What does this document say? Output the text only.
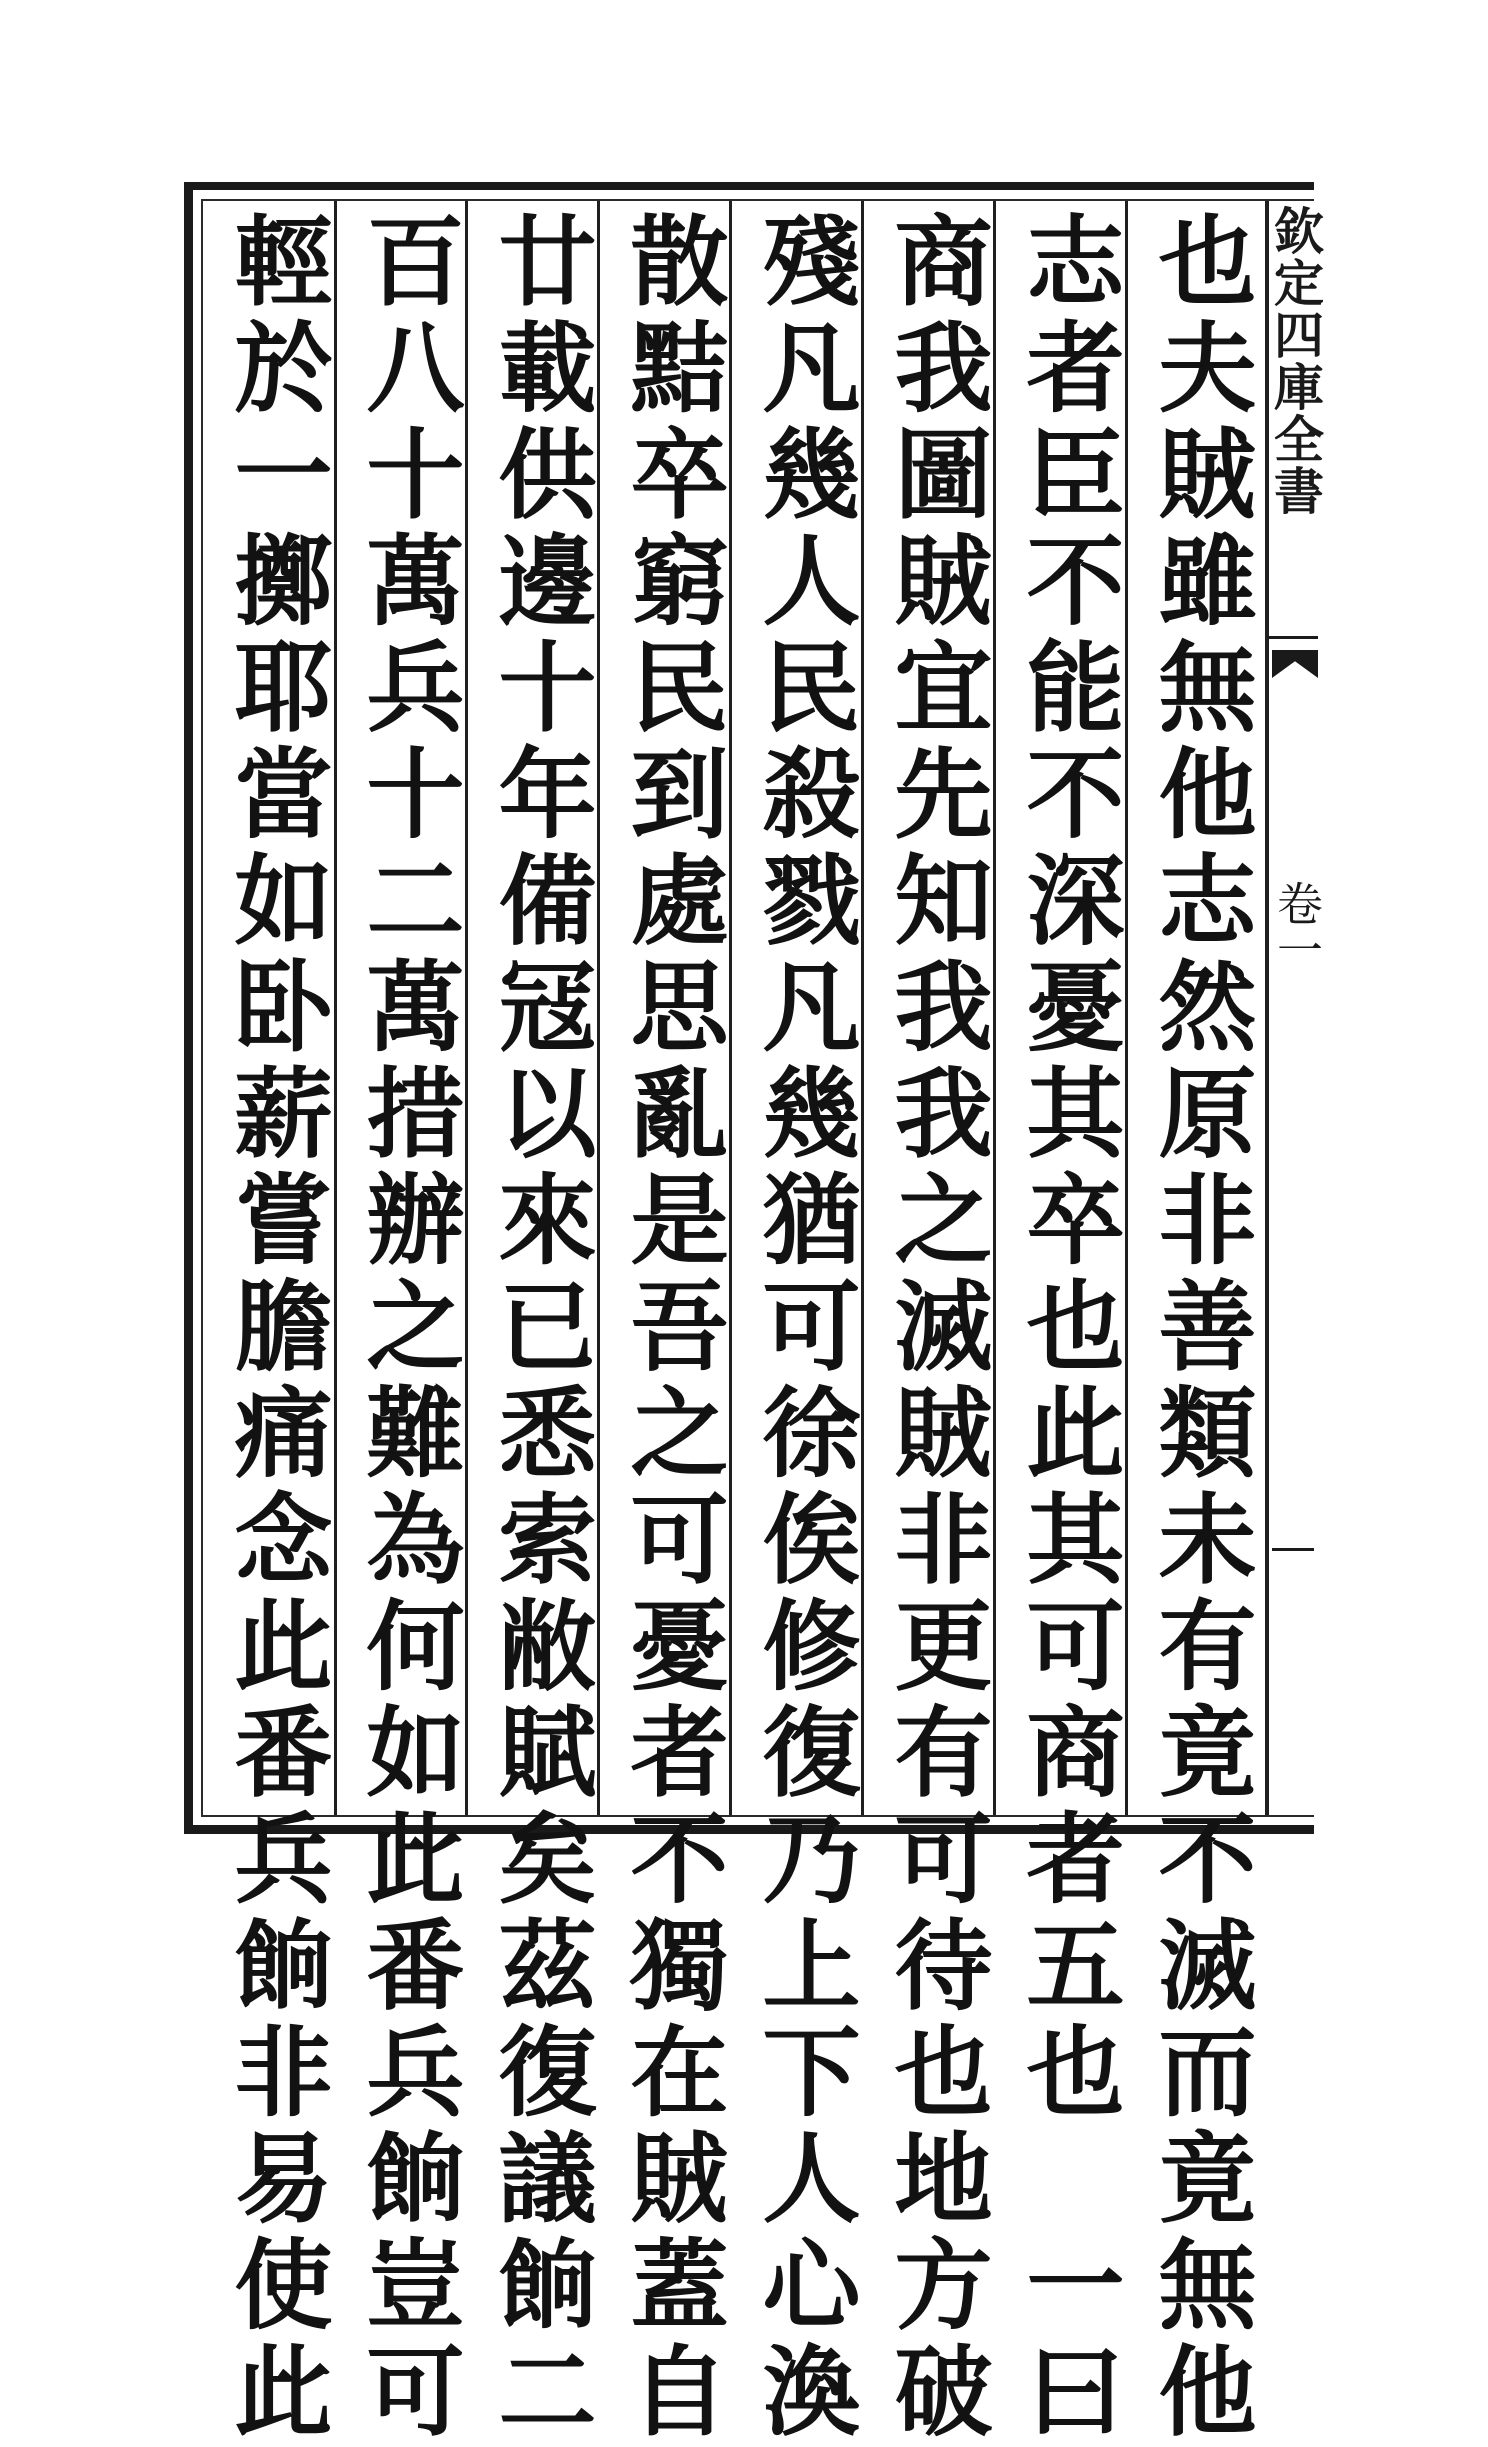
也夫賊雖無他志然原非善類未有竟不滅而竟無他
志者臣不能不深憂其卒也此其可商者五也　一曰
商我圖賊宜先知我我之滅賊非更有可待也地方破
殘凡幾人民殺戮凡幾猶可徐俟修復乃上下人心渙
散黠卒窮民到處思亂是吾之可憂者不獨在賊蓋自
廿載供邊十年備冦以來已悉索敝賦矣茲復議餉二
百八十萬兵十二萬措辦之難為何如此番兵餉豈可
輕於一擲耶當如卧薪嘗膽痛念此番兵餉非易使此	欽定四庫全書
卷一
